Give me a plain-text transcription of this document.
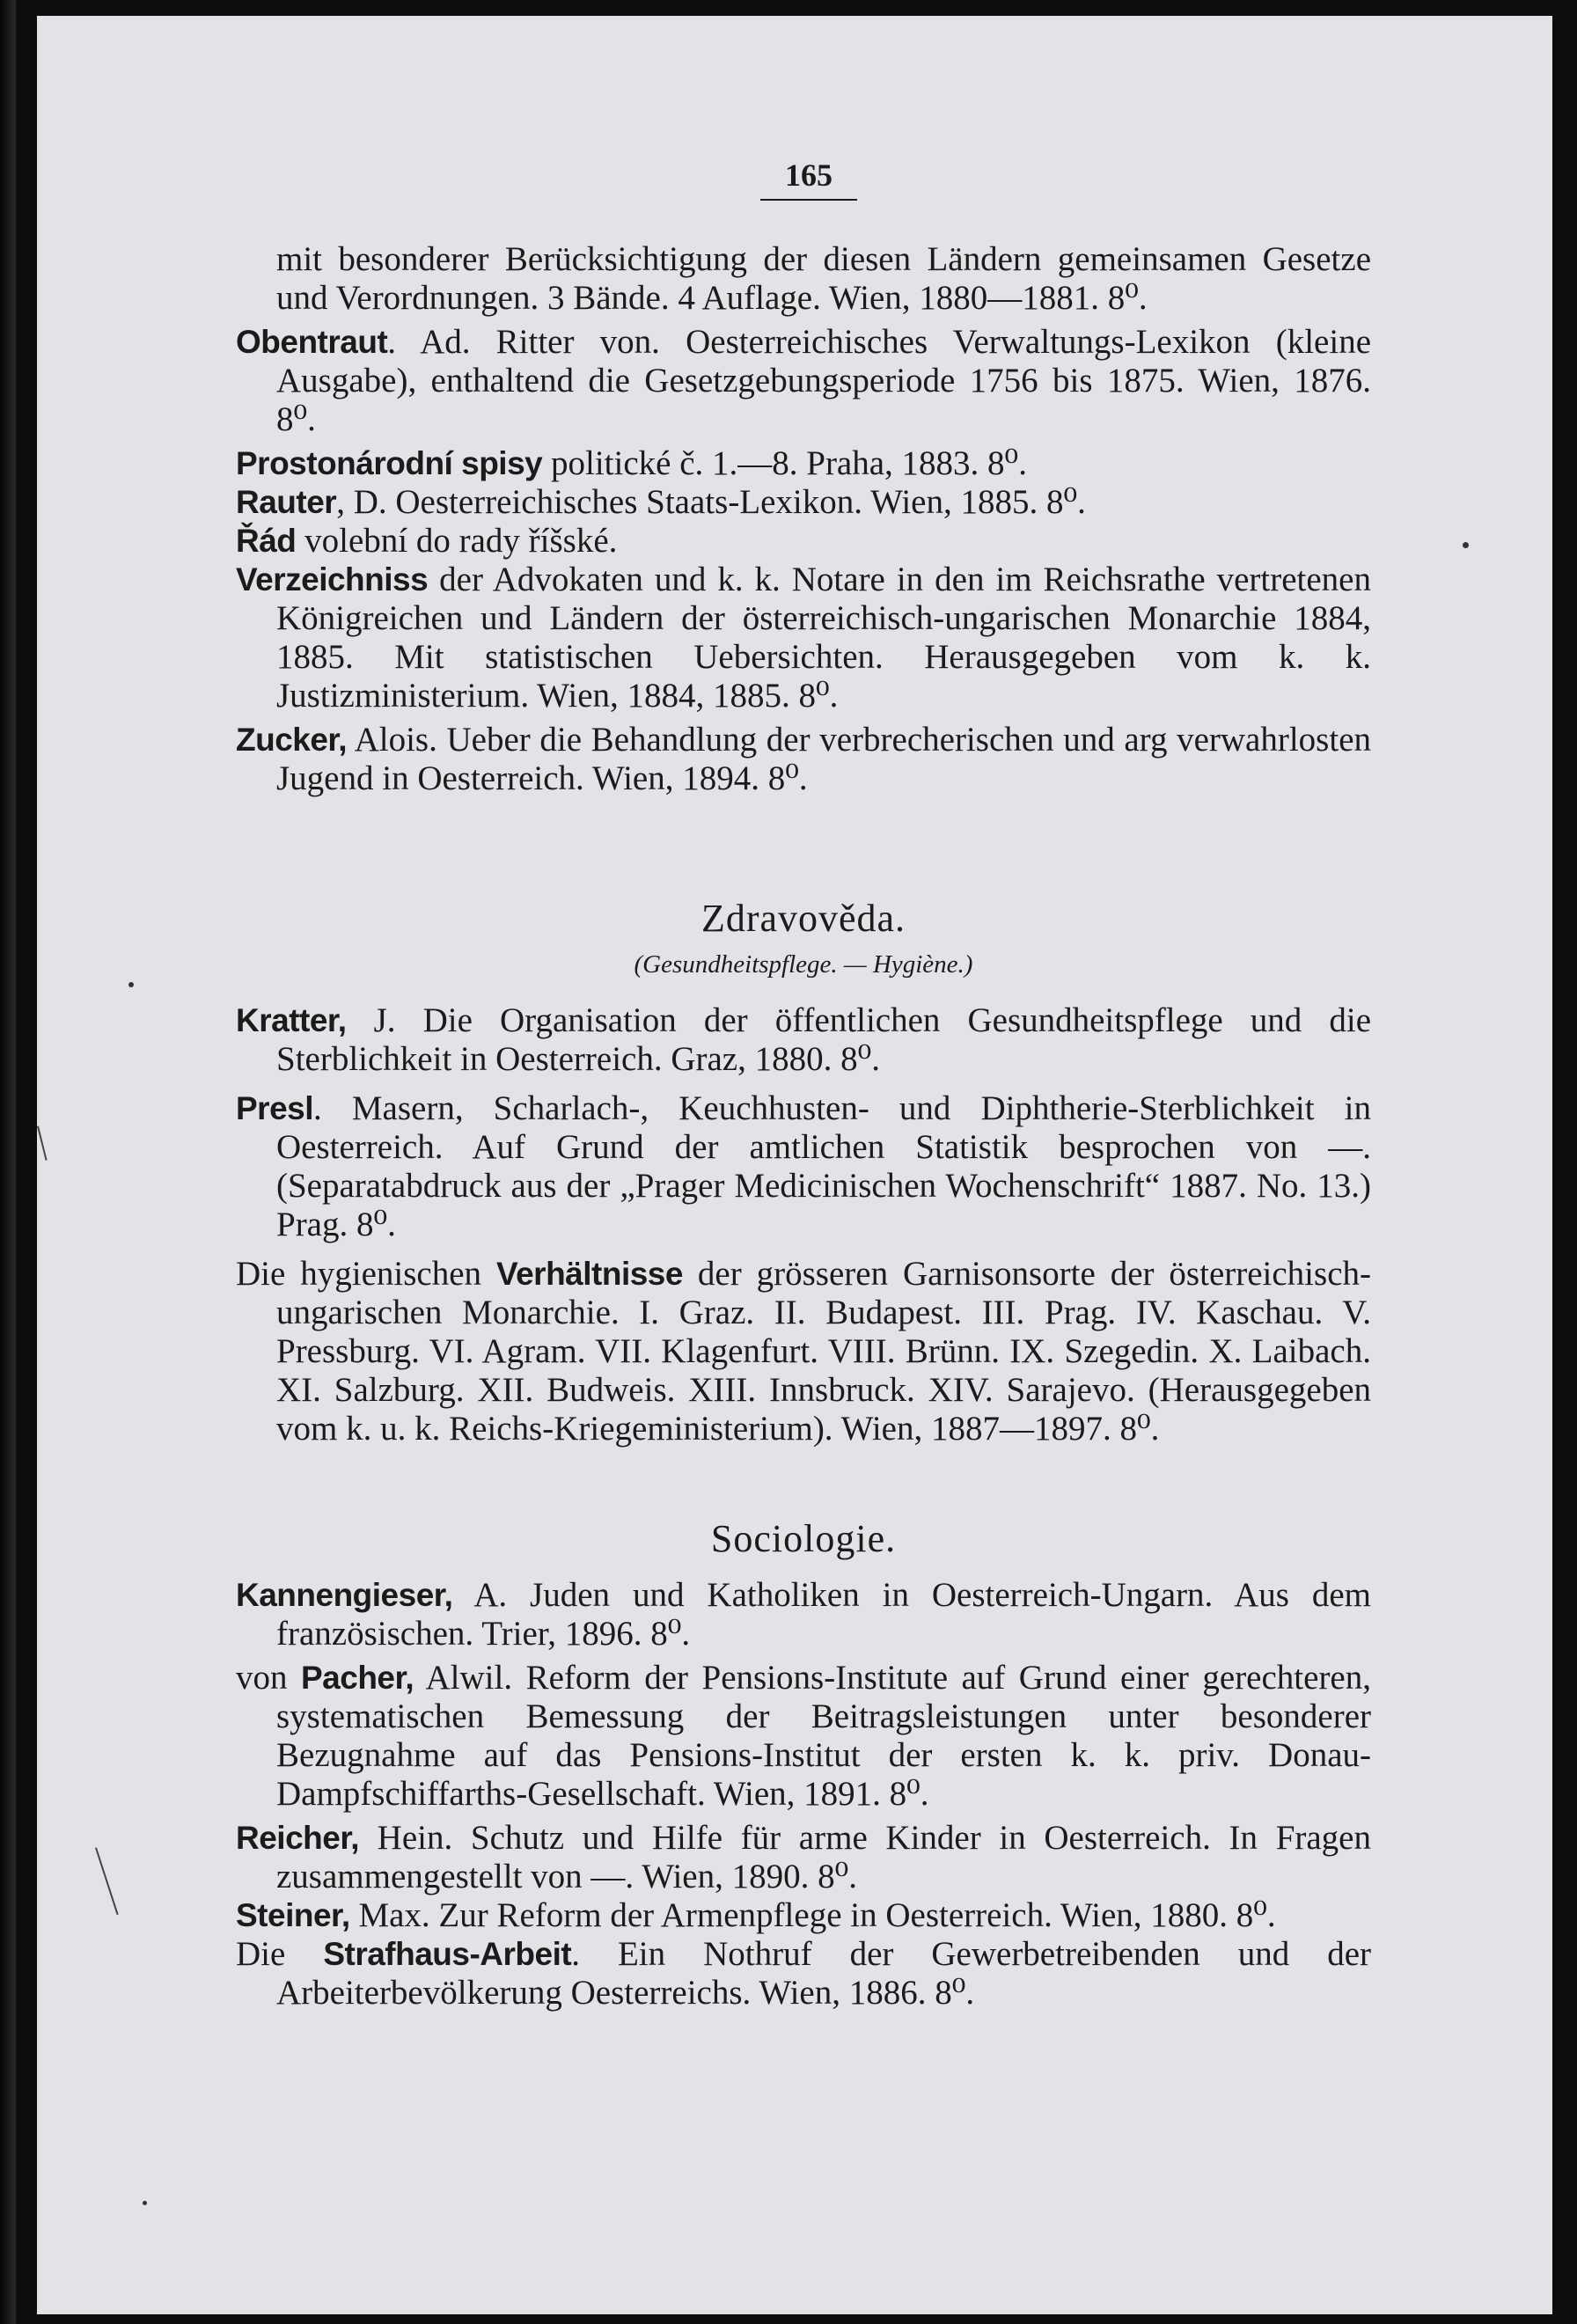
165

mit besonderer Berücksichtigung der diesen Ländern gemeinsamen Gesetze und Verordnungen. 3 Bände. 4 Auflage. Wien, 1880—1881. 8⁰.

Obentraut. Ad. Ritter von. Oesterreichisches Verwaltungs-Lexikon (kleine Ausgabe), enthaltend die Gesetzgebungsperiode 1756 bis 1875. Wien, 1876. 8⁰.

Prostonárodní spisy politické č. 1.—8. Praha, 1883. 8⁰.

Rauter, D. Oesterreichisches Staats-Lexikon. Wien, 1885. 8⁰.

Řád volební do rady říšské.

Verzeichniss der Advokaten und k. k. Notare in den im Reichsrathe vertretenen Königreichen und Ländern der österreichisch-ungarischen Monarchie 1884, 1885. Mit statistischen Uebersichten. Herausgegeben vom k. k. Justizministerium. Wien, 1884, 1885. 8⁰.

Zucker, Alois. Ueber die Behandlung der verbrecherischen und arg verwahrlosten Jugend in Oesterreich. Wien, 1894. 8⁰.

Zdravověda.
(Gesundheitspflege. — Hygiène.)

Kratter, J. Die Organisation der öffentlichen Gesundheitspflege und die Sterblichkeit in Oesterreich. Graz, 1880. 8⁰.

Presl. Masern, Scharlach-, Keuchhusten- und Diphtherie-Sterblichkeit in Oesterreich. Auf Grund der amtlichen Statistik besprochen von —. (Separatabdruck aus der „Prager Medicinischen Wochenschrift“ 1887. No. 13.) Prag. 8⁰.

Die hygienischen Verhältnisse der grösseren Garnisonsorte der österreichisch-ungarischen Monarchie. I. Graz. II. Budapest. III. Prag. IV. Kaschau. V. Pressburg. VI. Agram. VII. Klagenfurt. VIII. Brünn. IX. Szegedin. X. Laibach. XI. Salzburg. XII. Budweis. XIII. Innsbruck. XIV. Sarajevo. (Herausgegeben vom k. u. k. Reichs-Kriegeministerium). Wien, 1887—1897. 8⁰.

Sociologie.

Kannengieser, A. Juden und Katholiken in Oesterreich-Ungarn. Aus dem französischen. Trier, 1896. 8⁰.

von Pacher, Alwil. Reform der Pensions-Institute auf Grund einer gerechteren, systematischen Bemessung der Beitragsleistungen unter besonderer Bezugnahme auf das Pensions-Institut der ersten k. k. priv. Donau-Dampfschiffarths-Gesellschaft. Wien, 1891. 8⁰.

Reicher, Hein. Schutz und Hilfe für arme Kinder in Oesterreich. In Fragen zusammengestellt von —. Wien, 1890. 8⁰.

Steiner, Max. Zur Reform der Armenpflege in Oesterreich. Wien, 1880. 8⁰.

Die Strafhaus-Arbeit. Ein Nothruf der Gewerbetreibenden und der Arbeiterbevölkerung Oesterreichs. Wien, 1886. 8⁰.
